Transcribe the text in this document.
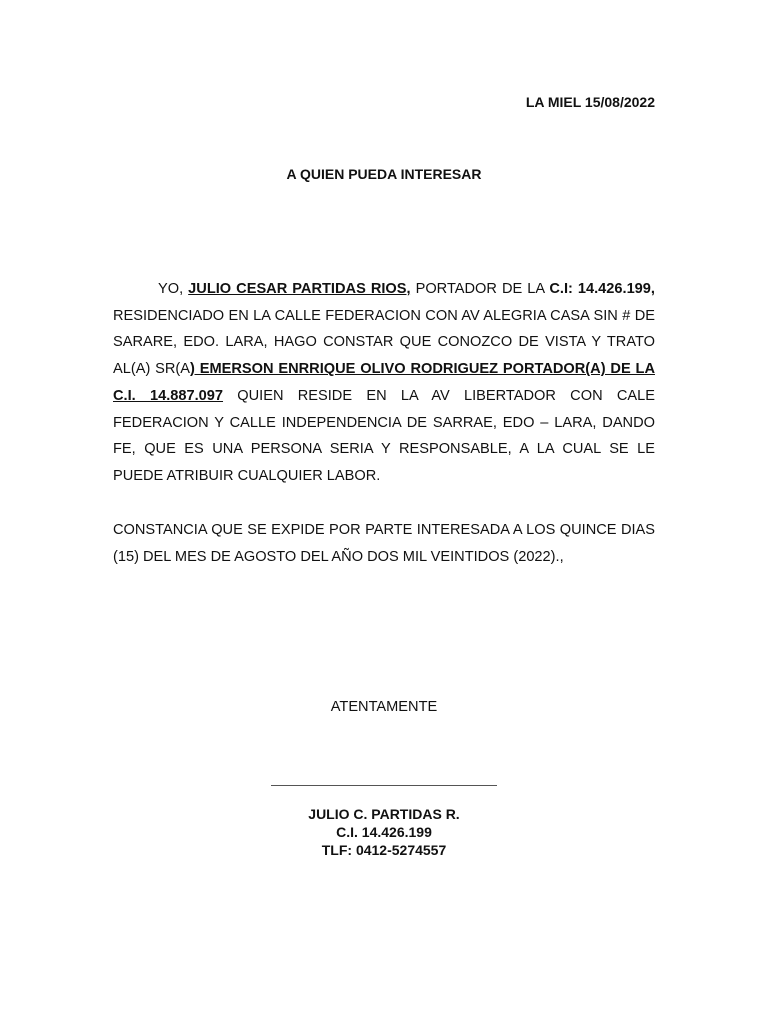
LA MIEL 15/08/2022
A QUIEN PUEDA INTERESAR

YO, JULIO CESAR PARTIDAS RIOS, PORTADOR DE LA C.I: 14.426.199, RESIDENCIADO EN LA CALLE FEDERACION CON AV ALEGRIA CASA SIN # DE SARARE, EDO. LARA, HAGO CONSTAR QUE CONOZCO DE VISTA Y TRATO AL(A) SR(A) EMERSON ENRRIQUE OLIVO RODRIGUEZ PORTADOR(A) DE LA C.I. 14.887.097 QUIEN RESIDE EN LA AV LIBERTADOR CON CALE FEDERACION Y CALLE INDEPENDENCIA DE SARRAE, EDO – LARA, DANDO FE, QUE ES UNA PERSONA SERIA Y RESPONSABLE, A LA CUAL SE LE PUEDE ATRIBUIR CUALQUIER LABOR.

CONSTANCIA QUE SE EXPIDE POR PARTE INTERESADA A LOS QUINCE DIAS (15) DEL MES DE AGOSTO DEL AÑO DOS MIL VEINTIDOS (2022).,

ATENTAMENTE
JULIO C. PARTIDAS R.
C.I. 14.426.199
TLF: 0412-5274557
